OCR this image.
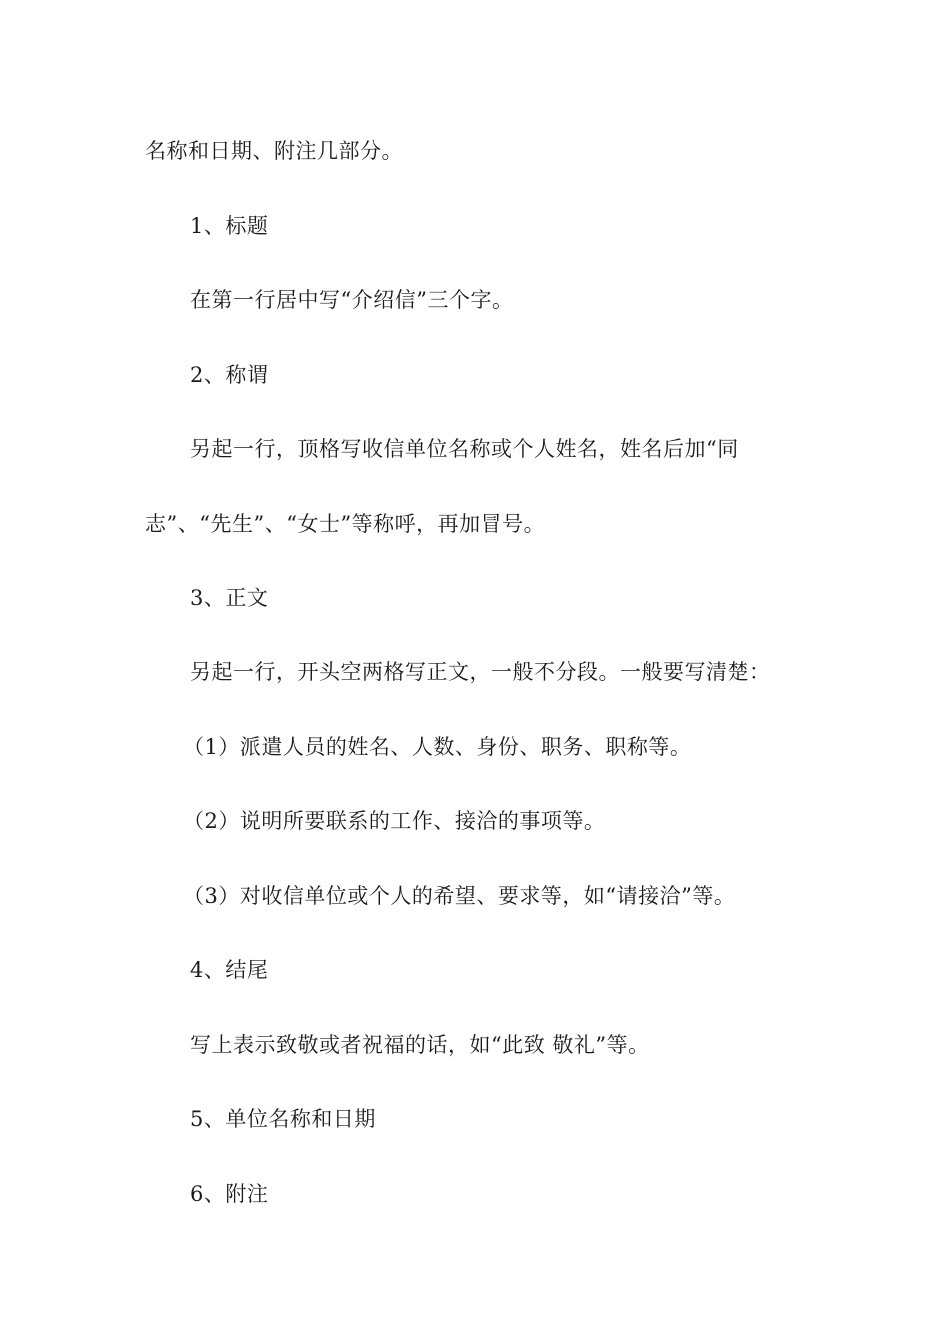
名称和日期、附注几部分。
1、标题
在第一行居中写“介绍信”三个字。
2、称谓
另起一行，顶格写收信单位名称或个人姓名，姓名后加“同
志”、“先生”、“女士”等称呼，再加冒号。
3、正文
另起一行，开头空两格写正文，一般不分段。一般要写清楚：
（1）派遣人员的姓名、人数、身份、职务、职称等。
（2）说明所要联系的工作、接洽的事项等。
（3）对收信单位或个人的希望、要求等，如“请接洽”等。
4、结尾
写上表示致敬或者祝福的话，如“此致 敬礼”等。
5、单位名称和日期
6、附注
